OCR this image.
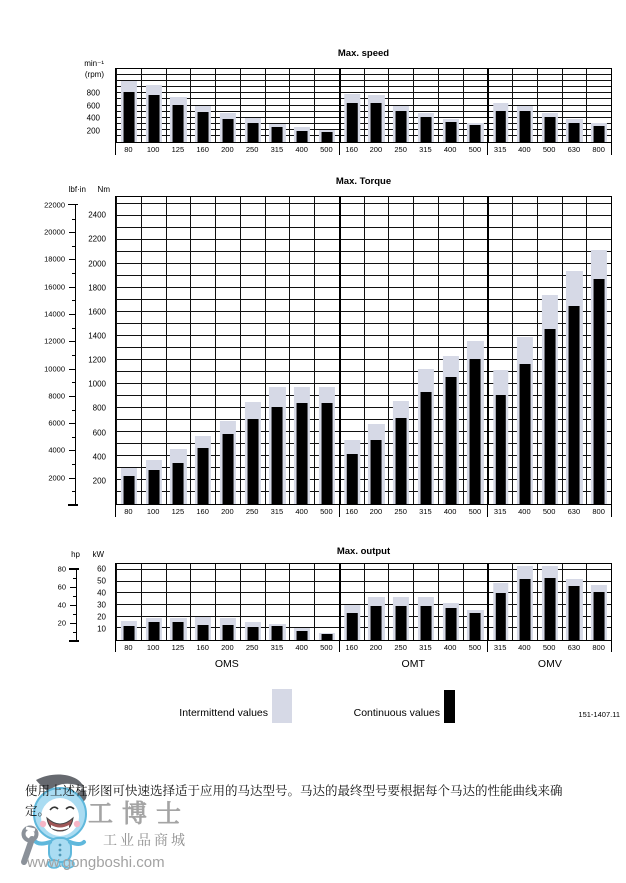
Max. speed
min⁻¹
(rpm)
200
400
600
800
80	100	125	160	200	250	315	400	500	160	200	250	315	400	500	315	400	500	630	800
Max. Torque
lbf·in	Nm
2000
4000
6000
8000
10000
12000
14000
16000
18000
20000
22000
200
400
600
800
1000
1200
1400
1600
1800
2000
2200
2400
80	100	125	160	200	250	315	400	500	160	200	250	315	400	500	315	400	500	630	800
Max. output
hp	kW
20
40
60
80
10
20
30
40
50
60
80	100	125	160	200	250	315	400	500	160	200	250	315	400	500	315	400	500	630	800
OMS	OMT	OMV
Intermittend values	Continuous values	151-1407.11
使用上述柱形图可快速选择适于应用的马达型号。马达的最终型号要根据每个马达的性能曲线来确
定。	工博士
工业品商城
www.gongboshi.com
